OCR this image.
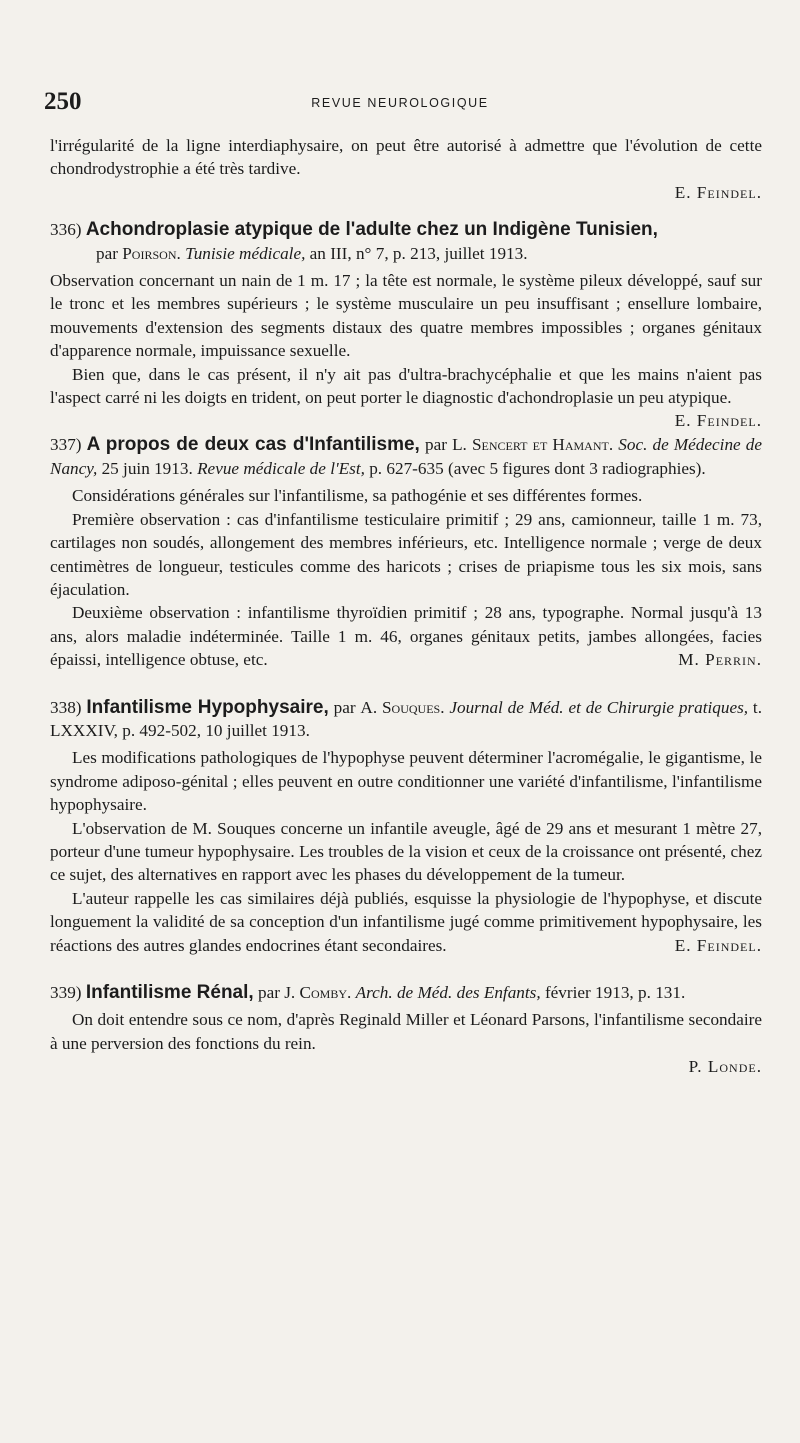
250	REVUE NEUROLOGIQUE

l'irrégularité de la ligne interdiaphysaire, on peut être autorisé à admettre que l'évolution de cette chondrodystrophie a été très tardive.

E. Feindel.

336) Achondroplasie atypique de l'adulte chez un Indigène Tunisien,

par Poirson. Tunisie médicale, an III, n° 7, p. 213, juillet 1913.

Observation concernant un nain de 1 m. 17 ; la tête est normale, le système pileux développé, sauf sur le tronc et les membres supérieurs ; le système musculaire un peu insuffisant ; ensellure lombaire, mouvements d'extension des segments distaux des quatre membres impossibles ; organes génitaux d'apparence normale, impuissance sexuelle.

Bien que, dans le cas présent, il n'y ait pas d'ultra-brachycéphalie et que les mains n'aient pas l'aspect carré ni les doigts en trident, on peut porter le diagnostic d'achondroplasie un peu atypique.
E. Feindel.

337) A propos de deux cas d'Infantilisme, par L. Sencert et Hamant. Soc. de Médecine de Nancy, 25 juin 1913. Revue médicale de l'Est, p. 627-635 (avec 5 figures dont 3 radiographies).

Considérations générales sur l'infantilisme, sa pathogénie et ses différentes formes.

Première observation : cas d'infantilisme testiculaire primitif ; 29 ans, camionneur, taille 1 m. 73, cartilages non soudés, allongement des membres inférieurs, etc. Intelligence normale ; verge de deux centimètres de longueur, testicules comme des haricots ; crises de priapisme tous les six mois, sans éjaculation.

Deuxième observation : infantilisme thyroïdien primitif ; 28 ans, typographe. Normal jusqu'à 13 ans, alors maladie indéterminée. Taille 1 m. 46, organes génitaux petits, jambes allongées, facies épaissi, intelligence obtuse, etc.	M. Perrin.

338) Infantilisme Hypophysaire, par A. Souques. Journal de Méd. et de Chirurgie pratiques, t. LXXXIV, p. 492-502, 10 juillet 1913.

Les modifications pathologiques de l'hypophyse peuvent déterminer l'acromégalie, le gigantisme, le syndrome adiposo-génital ; elles peuvent en outre conditionner une variété d'infantilisme, l'infantilisme hypophysaire.

L'observation de M. Souques concerne un infantile aveugle, âgé de 29 ans et mesurant 1 mètre 27, porteur d'une tumeur hypophysaire. Les troubles de la vision et ceux de la croissance ont présenté, chez ce sujet, des alternatives en rapport avec les phases du développement de la tumeur.

L'auteur rappelle les cas similaires déjà publiés, esquisse la physiologie de l'hypophyse, et discute longuement la validité de sa conception d'un infantilisme jugé comme primitivement hypophysaire, les réactions des autres glandes endocrines étant secondaires.	E. Feindel.

339) Infantilisme Rénal, par J. Comby. Arch. de Méd. des Enfants, février 1913, p. 131.

On doit entendre sous ce nom, d'après Reginald Miller et Léonard Parsons, l'infantilisme secondaire à une perversion des fonctions du rein.

P. Londe.
